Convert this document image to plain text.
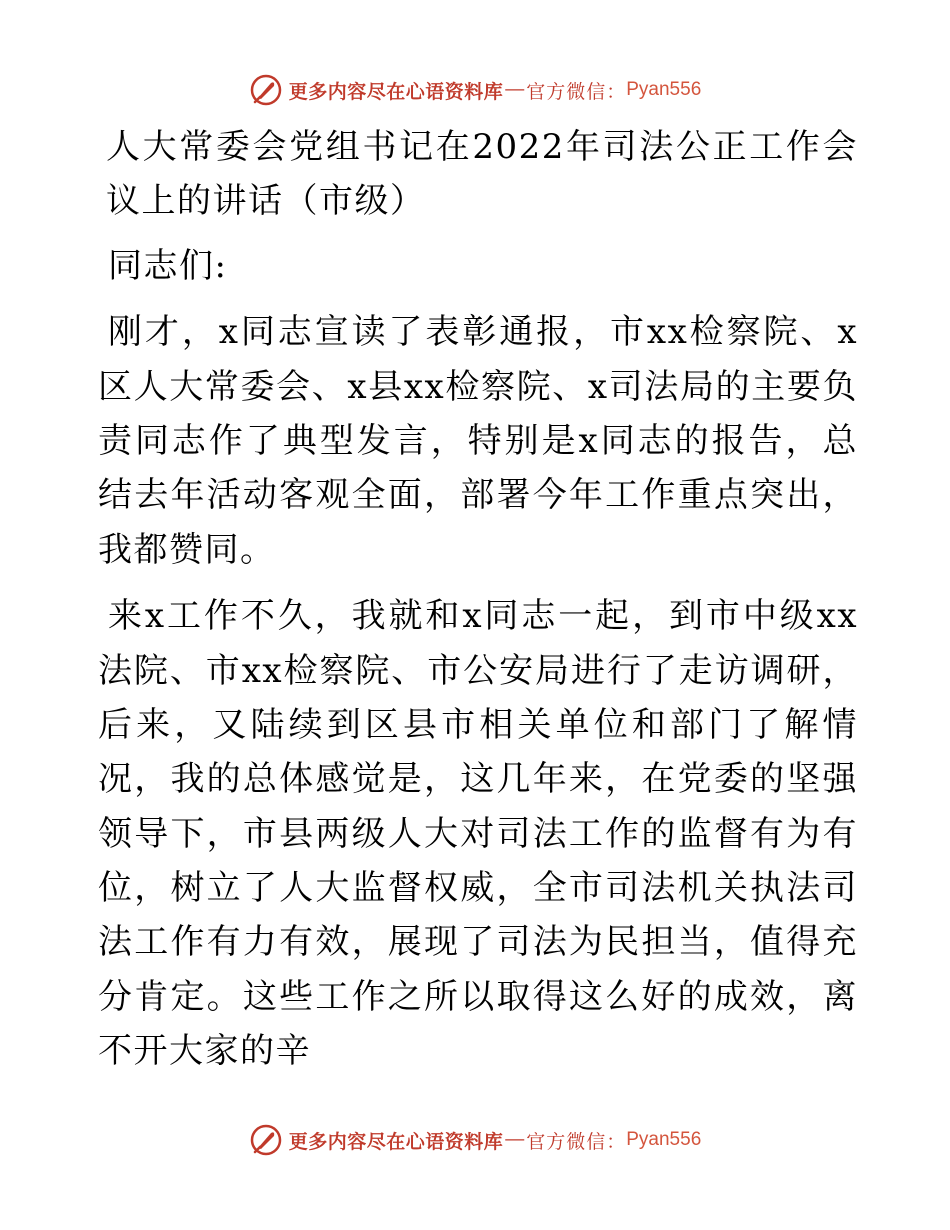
更多内容尽在心语资料库 — 官方微信： Pyan556

人大常委会党组书记在2022年司法公正工作会议上的讲话（市级）

同志们:

刚才，x同志宣读了表彰通报，市xx检察院、x区人大常委会、x县xx检察院、x司法局的主要负责同志作了典型发言，特别是x同志的报告，总结去年活动客观全面，部署今年工作重点突出，我都赞同。

来x工作不久，我就和x同志一起，到市中级xx法院、市xx检察院、市公安局进行了走访调研，后来，又陆续到区县市相关单位和部门了解情况，我的总体感觉是，这几年来，在党委的坚强领导下，市县两级人大对司法工作的监督有为有位，树立了人大监督权威，全市司法机关执法司法工作有力有效，展现了司法为民担当，值得充分肯定。这些工作之所以取得这么好的成效，离不开大家的辛

更多内容尽在心语资料库 — 官方微信： Pyan556
